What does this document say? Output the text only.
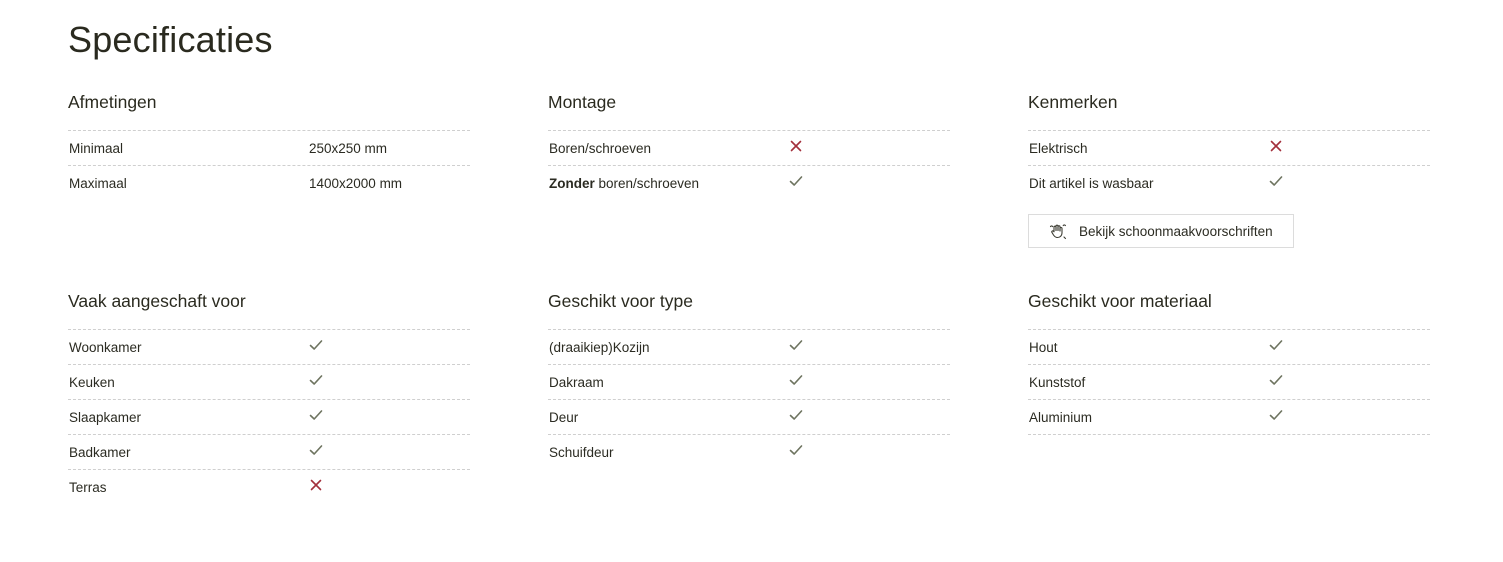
Specificaties
Afmetingen
Minimaal	250x250 mm
Maximaal	1400x2000 mm
Montage
Boren/schroeven
Zonder boren/schroeven
Kenmerken
Elektrisch
Dit artikel is wasbaar
Bekijk schoonmaakvoorschriften
Vaak aangeschaft voor
Woonkamer
Keuken
Slaapkamer
Badkamer
Terras
Geschikt voor type
(draaikiep)Kozijn
Dakraam
Deur
Schuifdeur
Geschikt voor materiaal
Hout
Kunststof
Aluminium
